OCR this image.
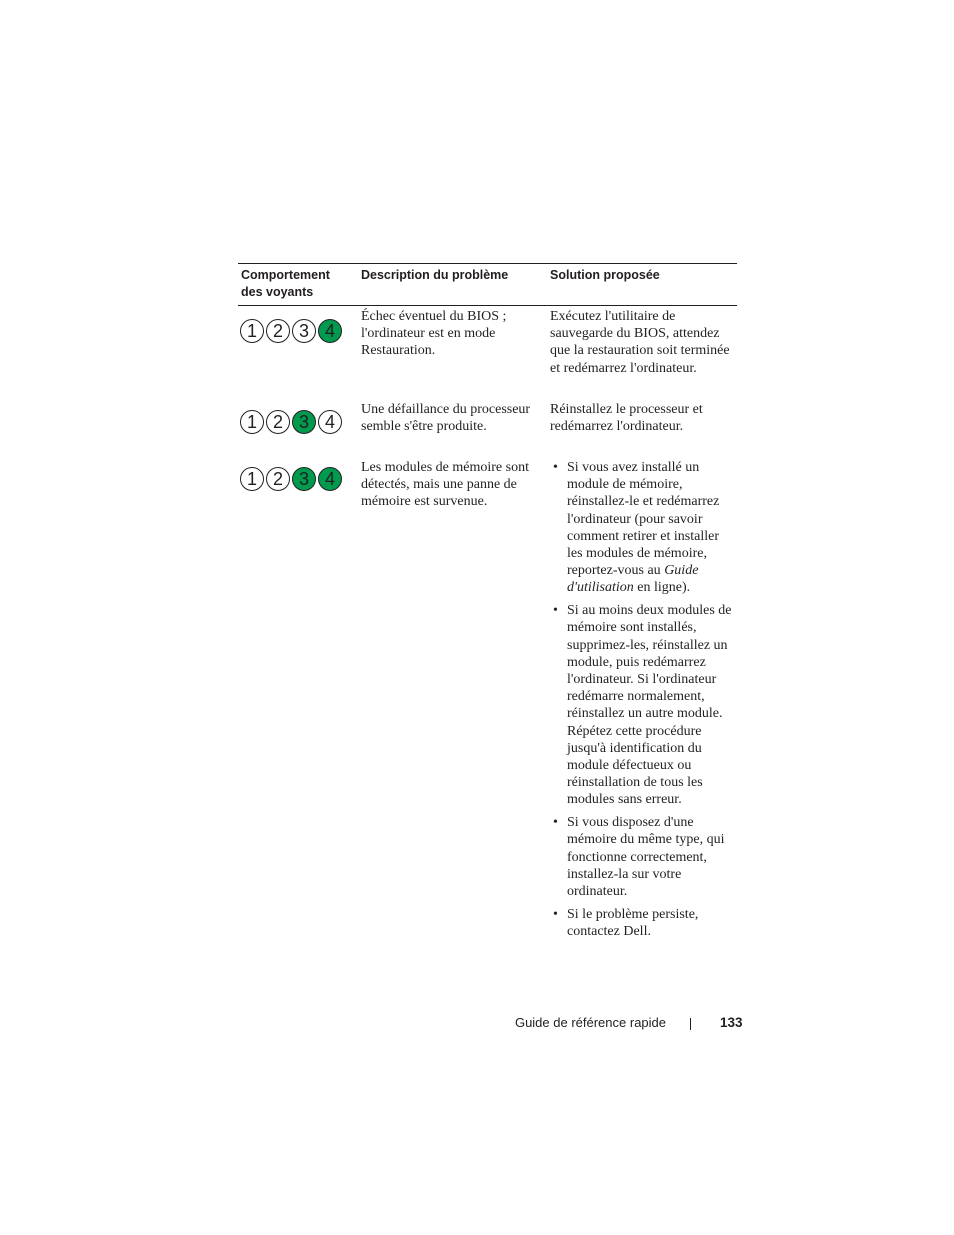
Comportement des voyants
Description du problème	Solution proposée
1 2 3 4
Échec éventuel du BIOS ; l'ordinateur est en mode Restauration.
Exécutez l'utilitaire de sauvegarde du BIOS, attendez que la restauration soit terminée et redémarrez l'ordinateur.
1 2 3 4
Une défaillance du processeur semble s'être produite.
Réinstallez le processeur et redémarrez l'ordinateur.
1 2 3 4
Les modules de mémoire sont détectés, mais une panne de mémoire est survenue.
• Si vous avez installé un module de mémoire, réinstallez-le et redémarrez l'ordinateur (pour savoir comment retirer et installer les modules de mémoire, reportez-vous au Guide d'utilisation en ligne).
• Si au moins deux modules de mémoire sont installés, supprimez-les, réinstallez un module, puis redémarrez l'ordinateur. Si l'ordinateur redémarre normalement, réinstallez un autre module. Répétez cette procédure jusqu'à identification du module défectueux ou réinstallation de tous les modules sans erreur.
• Si vous disposez d'une mémoire du même type, qui fonctionne correctement, installez-la sur votre ordinateur.
• Si le problème persiste, contactez Dell.
Guide de référence rapide	133
